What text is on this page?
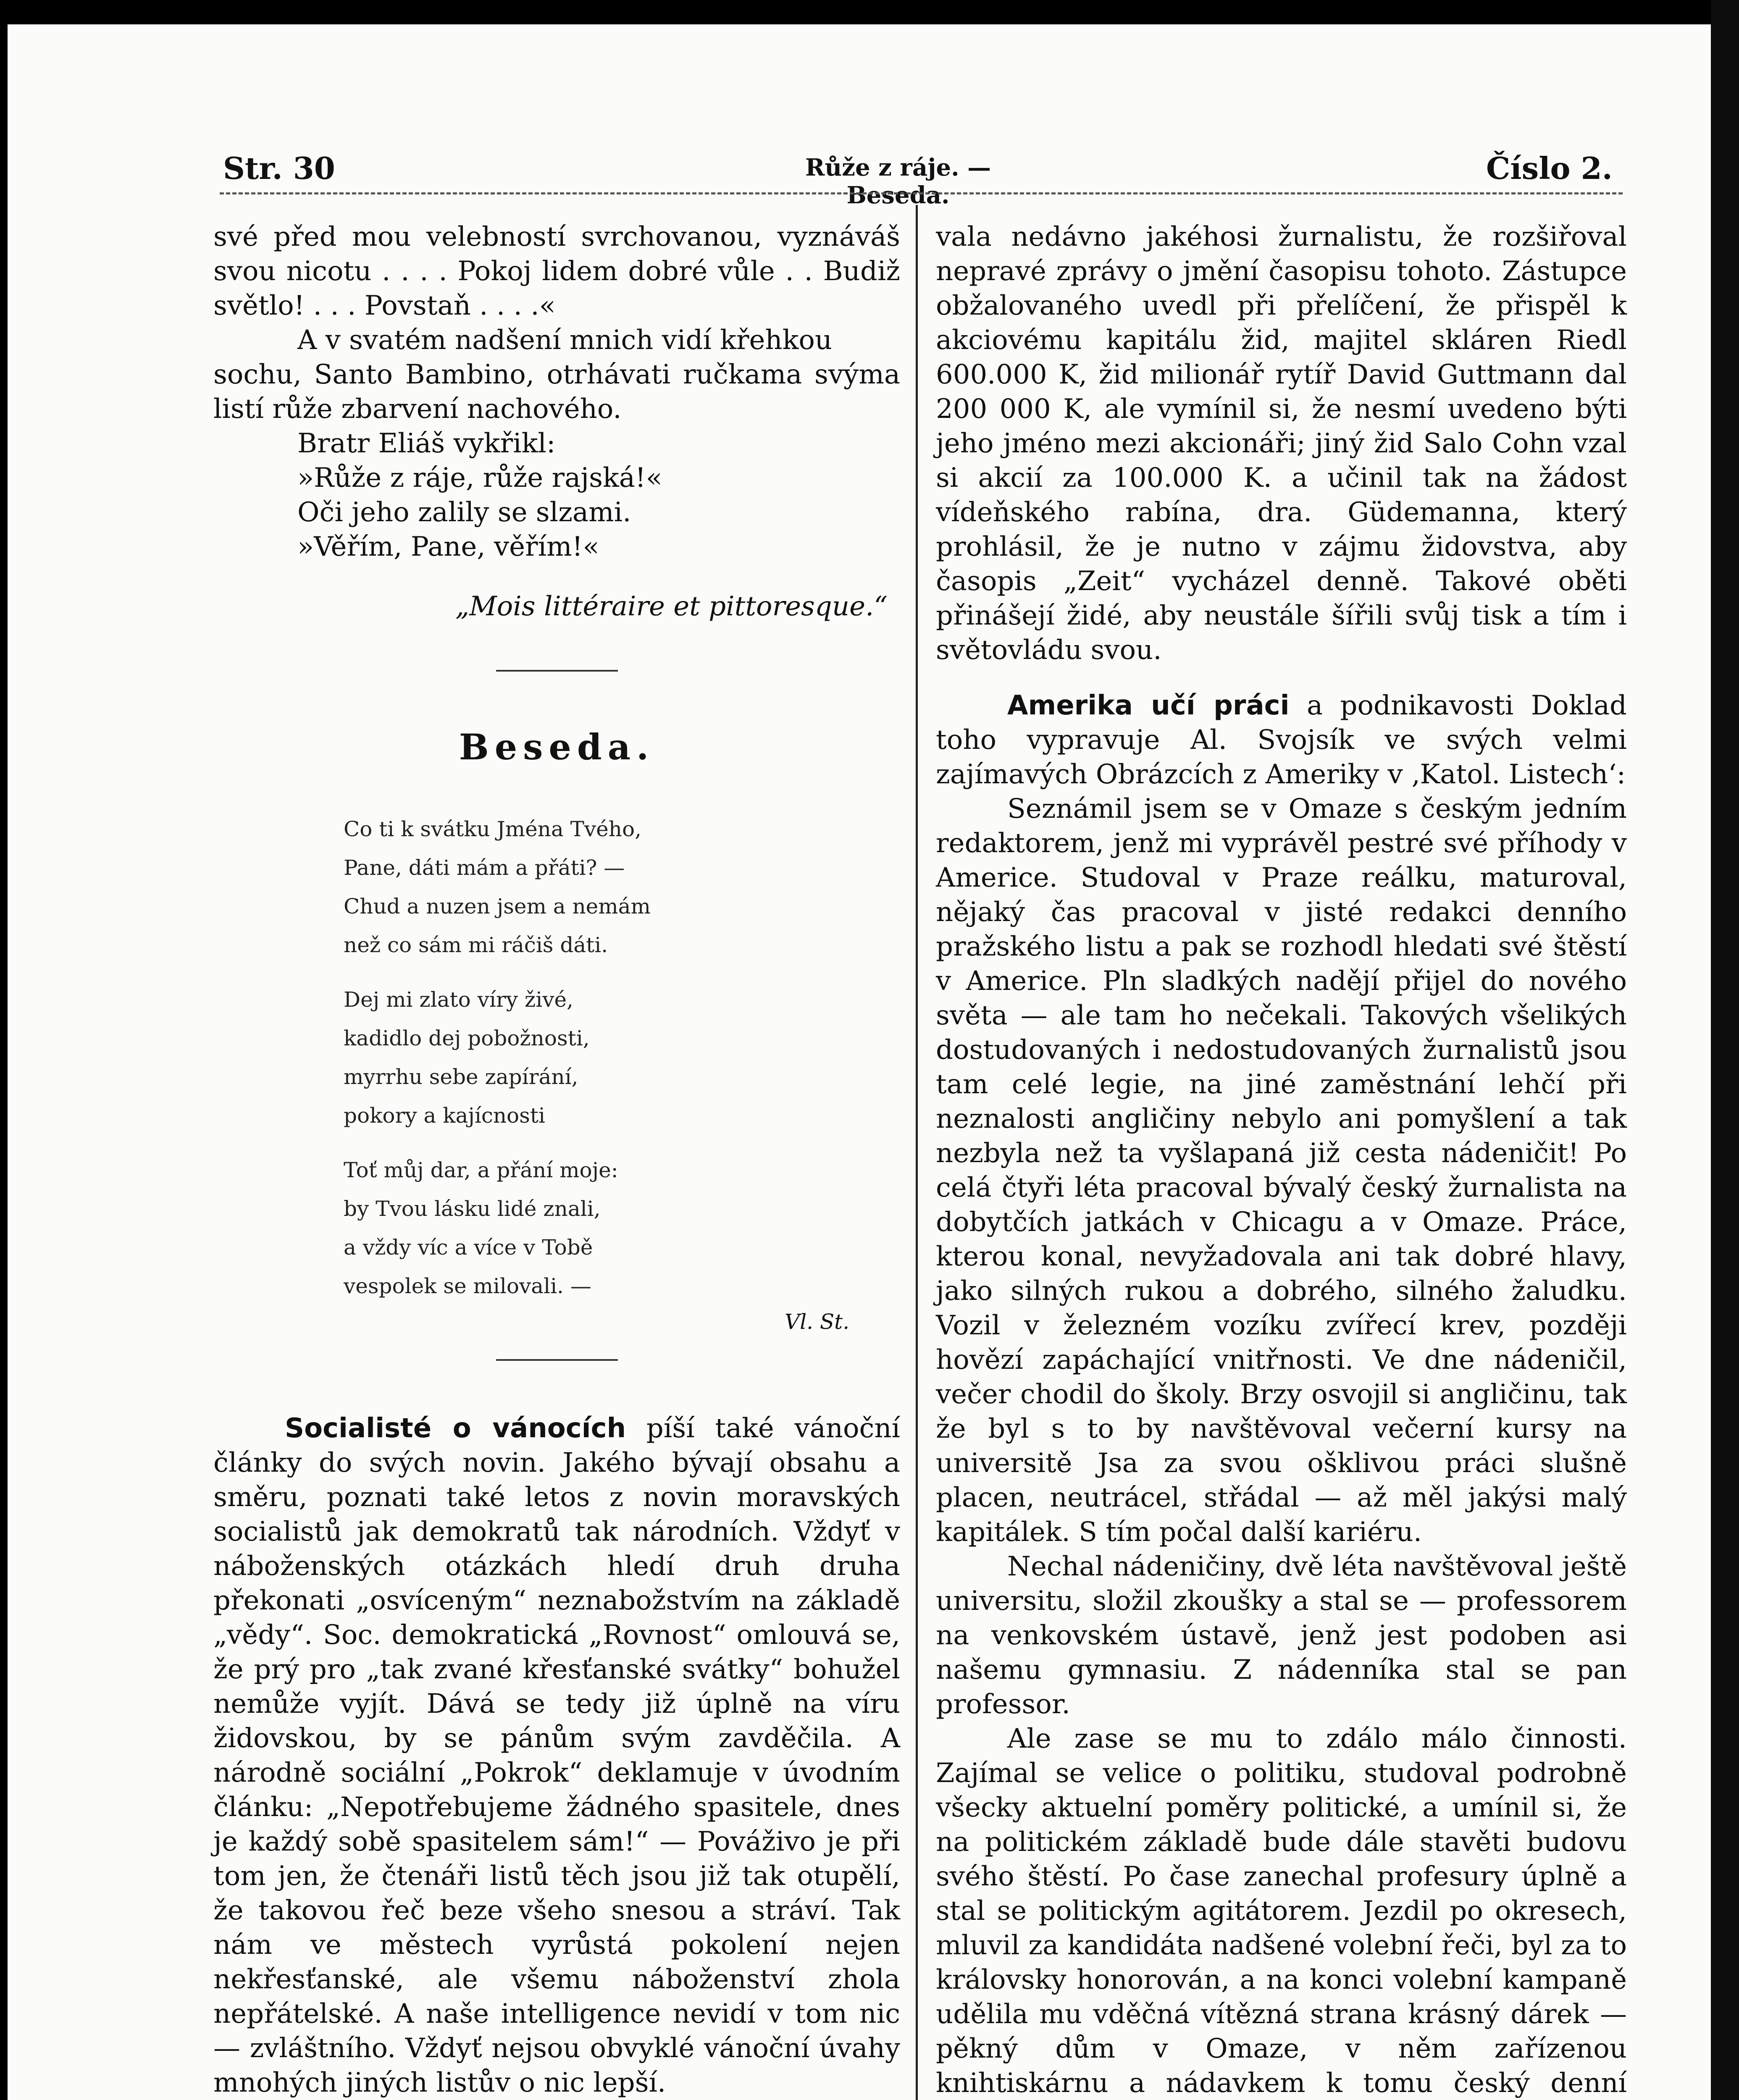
Str. 30	Růže z ráje. — Beseda.
Číslo 2.

své před mou velebností svrchovanou, vyznáváš svou nicotu . . . . Pokoj lidem dobré vůle . . Budiž světlo! . . . Povstaň . . . .«

A v svatém nadšení mnich vidí křehkou

sochu, Santo Bambino, otrhávati ručkama svýma listí růže zbarvení nachového.

Bratr Eliáš vykřikl:
»Růže z ráje, růže rajská!«
Oči jeho zalily se slzami.
»Věřím, Pane, věřím!«

„Mois littéraire et pittoresque.“

Beseda.
Co ti k svátku Jména Tvého,
Pane, dáti mám a přáti? —
Chud a nuzen jsem a nemám
než co sám mi ráčiš dáti.
Dej mi zlato víry živé,
kadidlo dej pobožnosti,
myrrhu sebe zapírání,
pokory a kajícnosti
Toť můj dar, a přání moje:
by Tvou lásku lidé znali,
a vždy víc a více v Tobě
vespolek se milovali. —

Vl. St.

Socialisté o vánocích píší také vánoční články do svých novin. Jakého bývají obsahu a směru, poznati také letos z novin moravských socialistů jak demokratů tak národních. Vždyť v náboženských otázkách hledí druh druha překonati „osvíceným“ neznabožstvím na základě „vědy“. Soc. demokratická „Rovnost“ omlouvá se, že prý pro „tak zvané křesťanské svátky“ bohužel nemůže vyjít. Dává se tedy již úplně na víru židovskou, by se pánům svým zavděčila. A národně sociální „Pokrok“ deklamuje v úvodním článku: „Nepotřebujeme žádného spasitele, dnes je každý sobě spasitelem sám!“ — Pováživo je při tom jen, že čtenáři listů těch jsou již tak otupělí, že takovou řeč beze všeho snesou a stráví. Tak nám ve městech vyrůstá pokolení nejen nekřesťanské, ale všemu náboženství zhola nepřátelské. A naše intelligence nevidí v tom nic — zvláštního. Vždyť nejsou obvyklé vánoční úvahy mnohých jiných listův o nic lepší.

vala nedávno jakéhosi žurnalistu, že rozšiřoval nepravé zprávy o jmění časopisu tohoto. Zástupce obžalovaného uvedl při přelíčení, že přispěl k akciovému kapitálu žid, majitel skláren Riedl 600.000 K, žid milionář rytíř David Guttmann dal 200 000 K, ale vymínil si, že nesmí uvedeno býti jeho jméno mezi akcionáři; jiný žid Salo Cohn vzal si akcií za 100.000 K. a učinil tak na žádost vídeňského rabína, dra. Güdemanna, který prohlásil, že je nutno v zájmu židovstva, aby časopis „Zeit“ vycházel denně. Takové oběti přinášejí židé, aby neustále šířili svůj tisk a tím i světovládu svou.

Amerika učí práci a podnikavosti Doklad toho vypravuje Al. Svojsík ve svých velmi zajímavých Obrázcích z Ameriky v ‚Katol. Listech‘:

Seznámil jsem se v Omaze s českým jedním redaktorem, jenž mi vyprávěl pestré své příhody v Americe. Studoval v Praze reálku, maturoval, nějaký čas pracoval v jisté redakci denního pražského listu a pak se rozhodl hledati své štěstí v Americe. Pln sladkých nadějí přijel do nového světa — ale tam ho nečekali. Takových všelikých dostudovaných i nedostudovaných žurnalistů jsou tam celé legie, na jiné zaměstnání lehčí při neznalosti angličiny nebylo ani pomyšlení a tak nezbyla než ta vyšlapaná již cesta nádeničit! Po celá čtyři léta pracoval bývalý český žurnalista na dobytčích jatkách v Chicagu a v Omaze. Práce, kterou konal, nevyžadovala ani tak dobré hlavy, jako silných rukou a dobrého, silného žaludku. Vozil v železném vozíku zvířecí krev, později hovězí zapáchající vnitřnosti. Ve dne nádeničil, večer chodil do školy. Brzy osvojil si angličinu, tak že byl s to by navštěvoval večerní kursy na universitě Jsa za svou ošklivou práci slušně placen, neutrácel, střádal — až měl jakýsi malý kapitálek. S tím počal další kariéru.

Nechal nádeničiny, dvě léta navštěvoval ještě universitu, složil zkoušky a stal se — professorem na venkovském ústavě, jenž jest podoben asi našemu gymnasiu. Z nádenníka stal se pan professor.

Ale zase se mu to zdálo málo činnosti. Zajímal se velice o politiku, studoval podrobně všecky aktuelní poměry politické, a umínil si, že na politickém základě bude dále stavěti budovu svého štěstí. Po čase zanechal profesury úplně a stal se politickým agitátorem. Jezdil po okresech, mluvil za kandidáta nadšené volební řeči, byl za to královsky honorován, a na konci volební kampaně udělila mu vděčná vítězná strana krásný dárek — pěkný dům v Omaze, v něm zařízenou knihtiskárnu a nádavkem k tomu český denní
